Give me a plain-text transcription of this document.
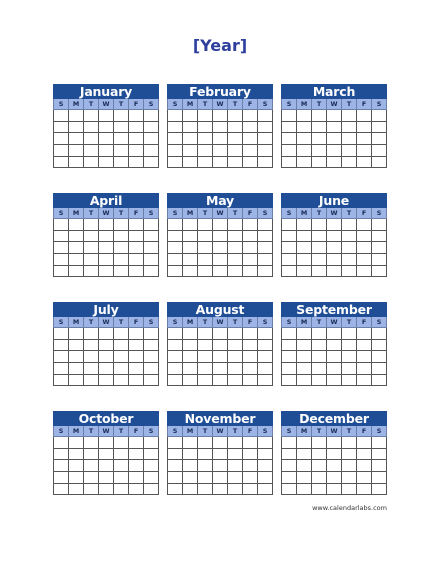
[Year]
January
S	M	T	W	T	F	S
February
S	M	T	W	T	F	S
March
S	M	T	W	T	F	S
April
S	M	T	W	T	F	S
May
S	M	T	W	T	F	S
June
S	M	T	W	T	F	S
July
S	M	T	W	T	F	S
August
S	M	T	W	T	F	S
September
S	M	T	W	T	F	S
October
S	M	T	W	T	F	S
November
S	M	T	W	T	F	S
December
S	M	T	W	T	F	S
www.calendarlabs.com
